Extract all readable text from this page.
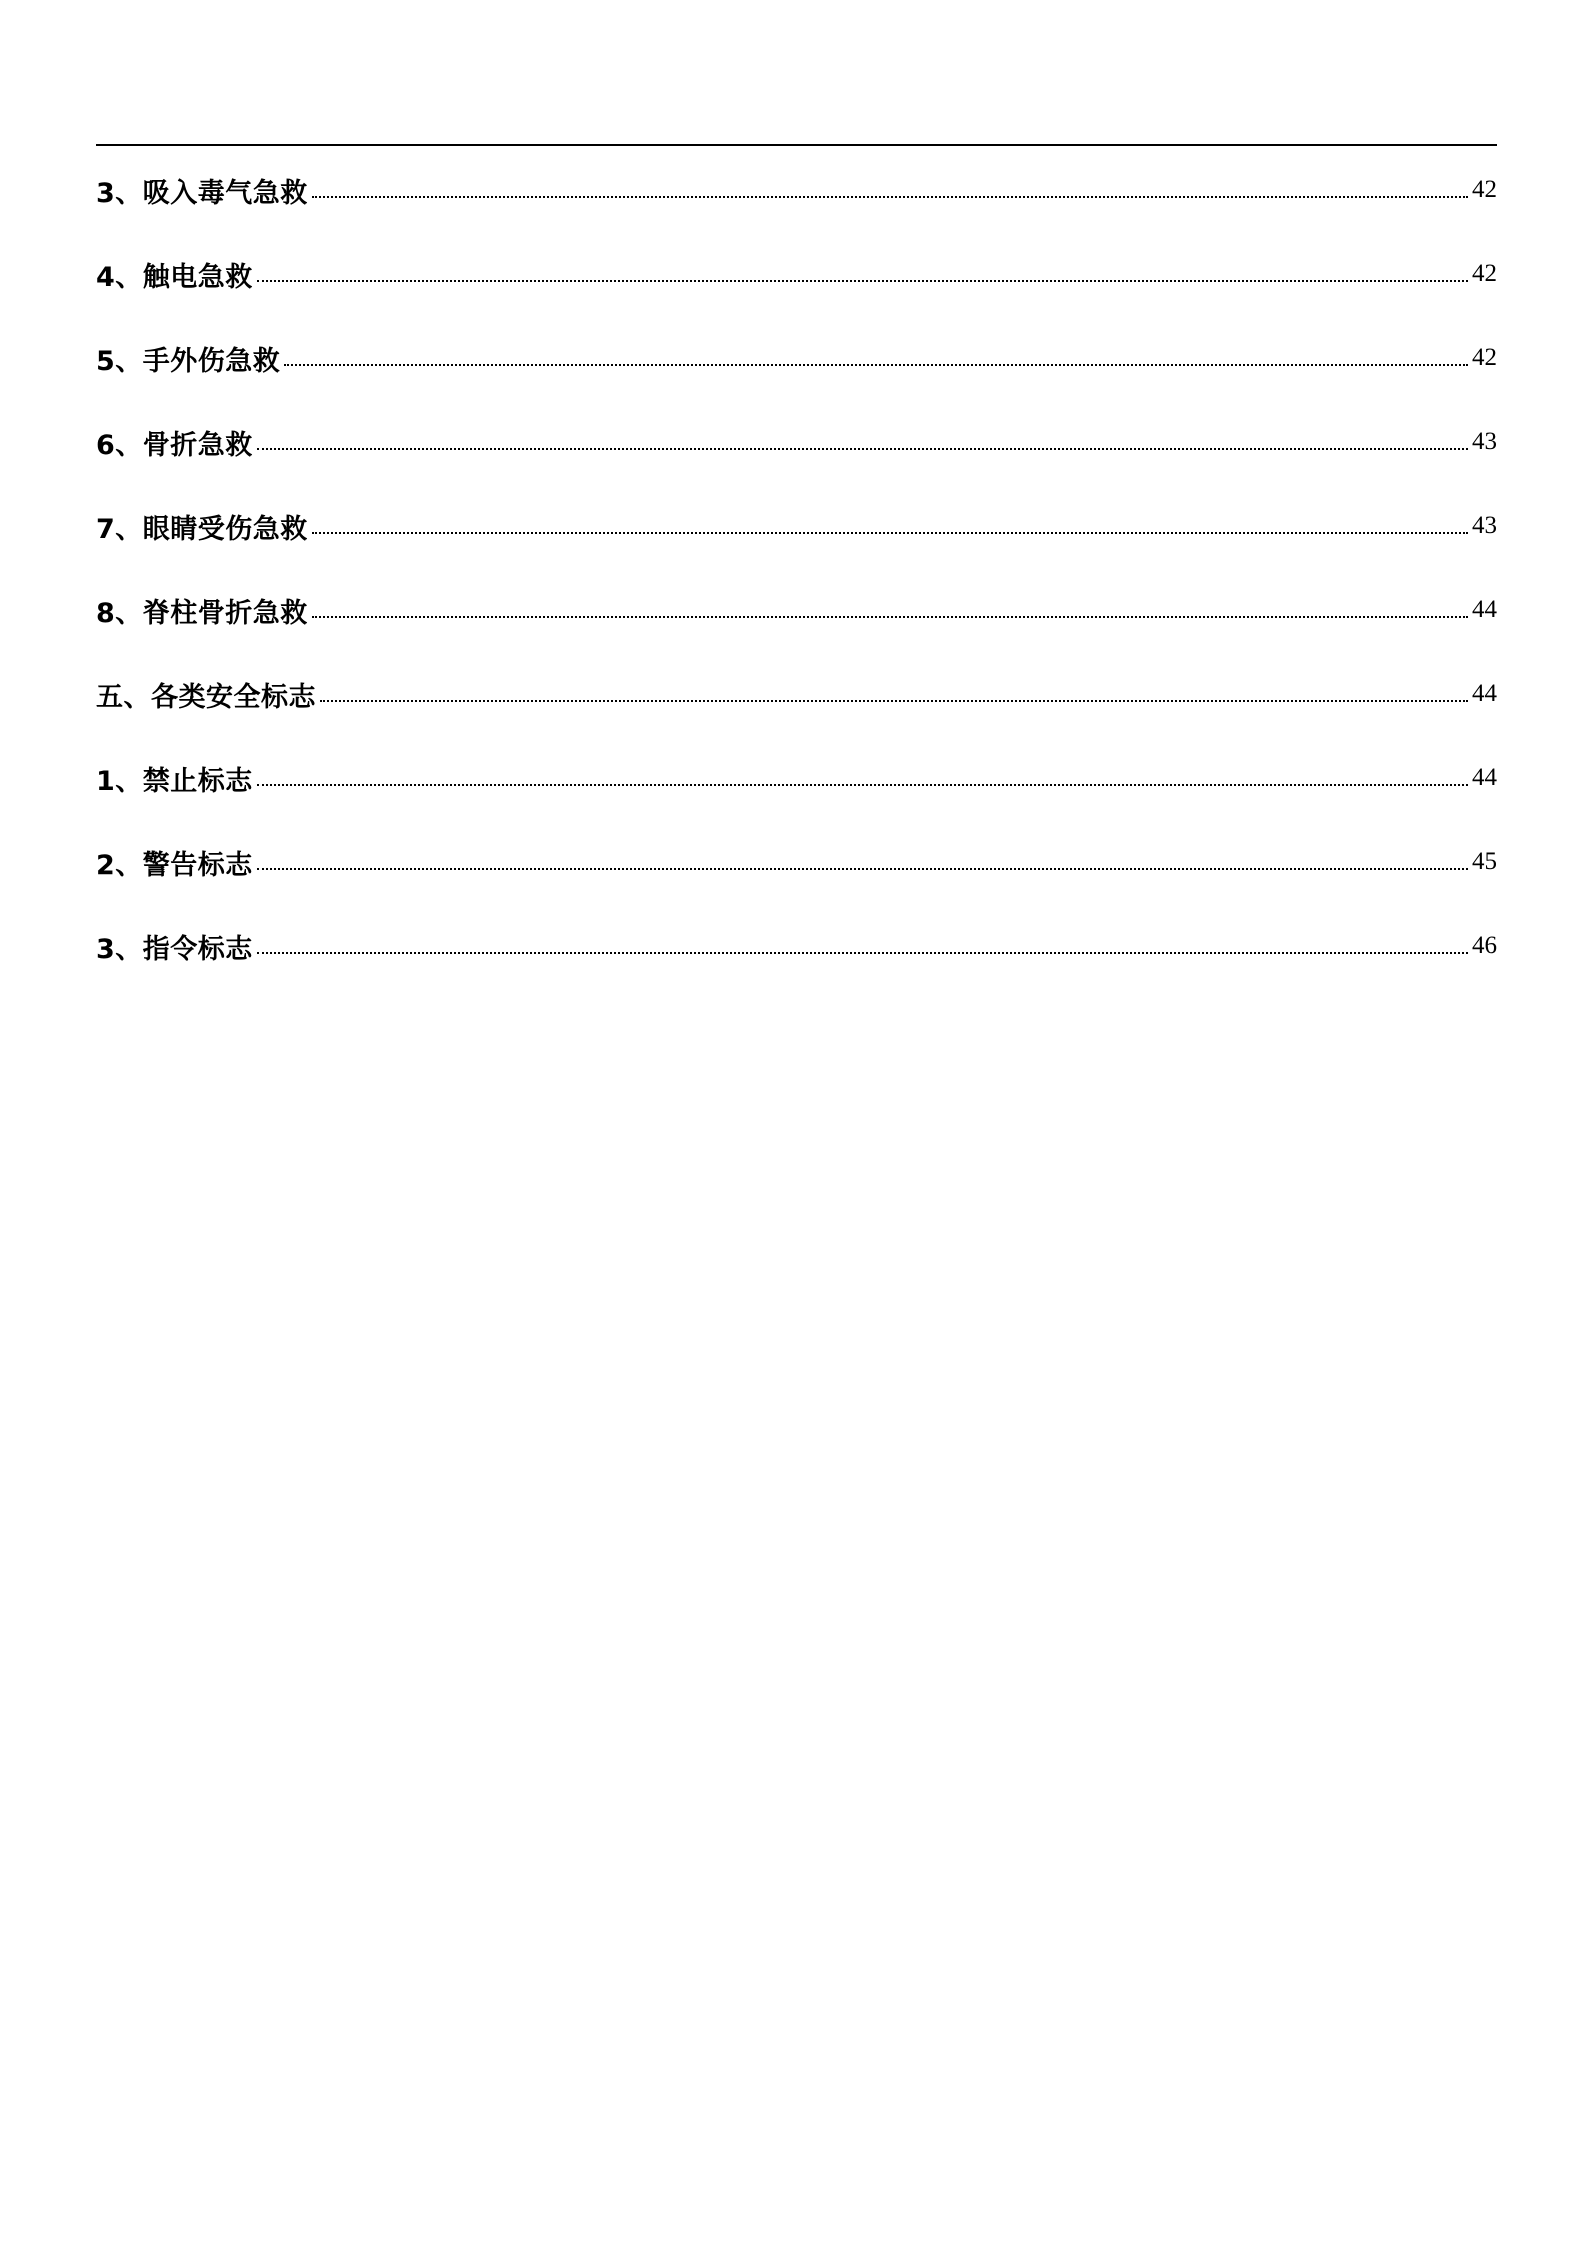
3、吸入毒气急救	42
4、触电急救	42
5、手外伤急救	42
6、骨折急救	43
7、眼睛受伤急救	43
8、脊柱骨折急救	44
五、各类安全标志	44
1、禁止标志	44
2、警告标志	45
3、指令标志	46
